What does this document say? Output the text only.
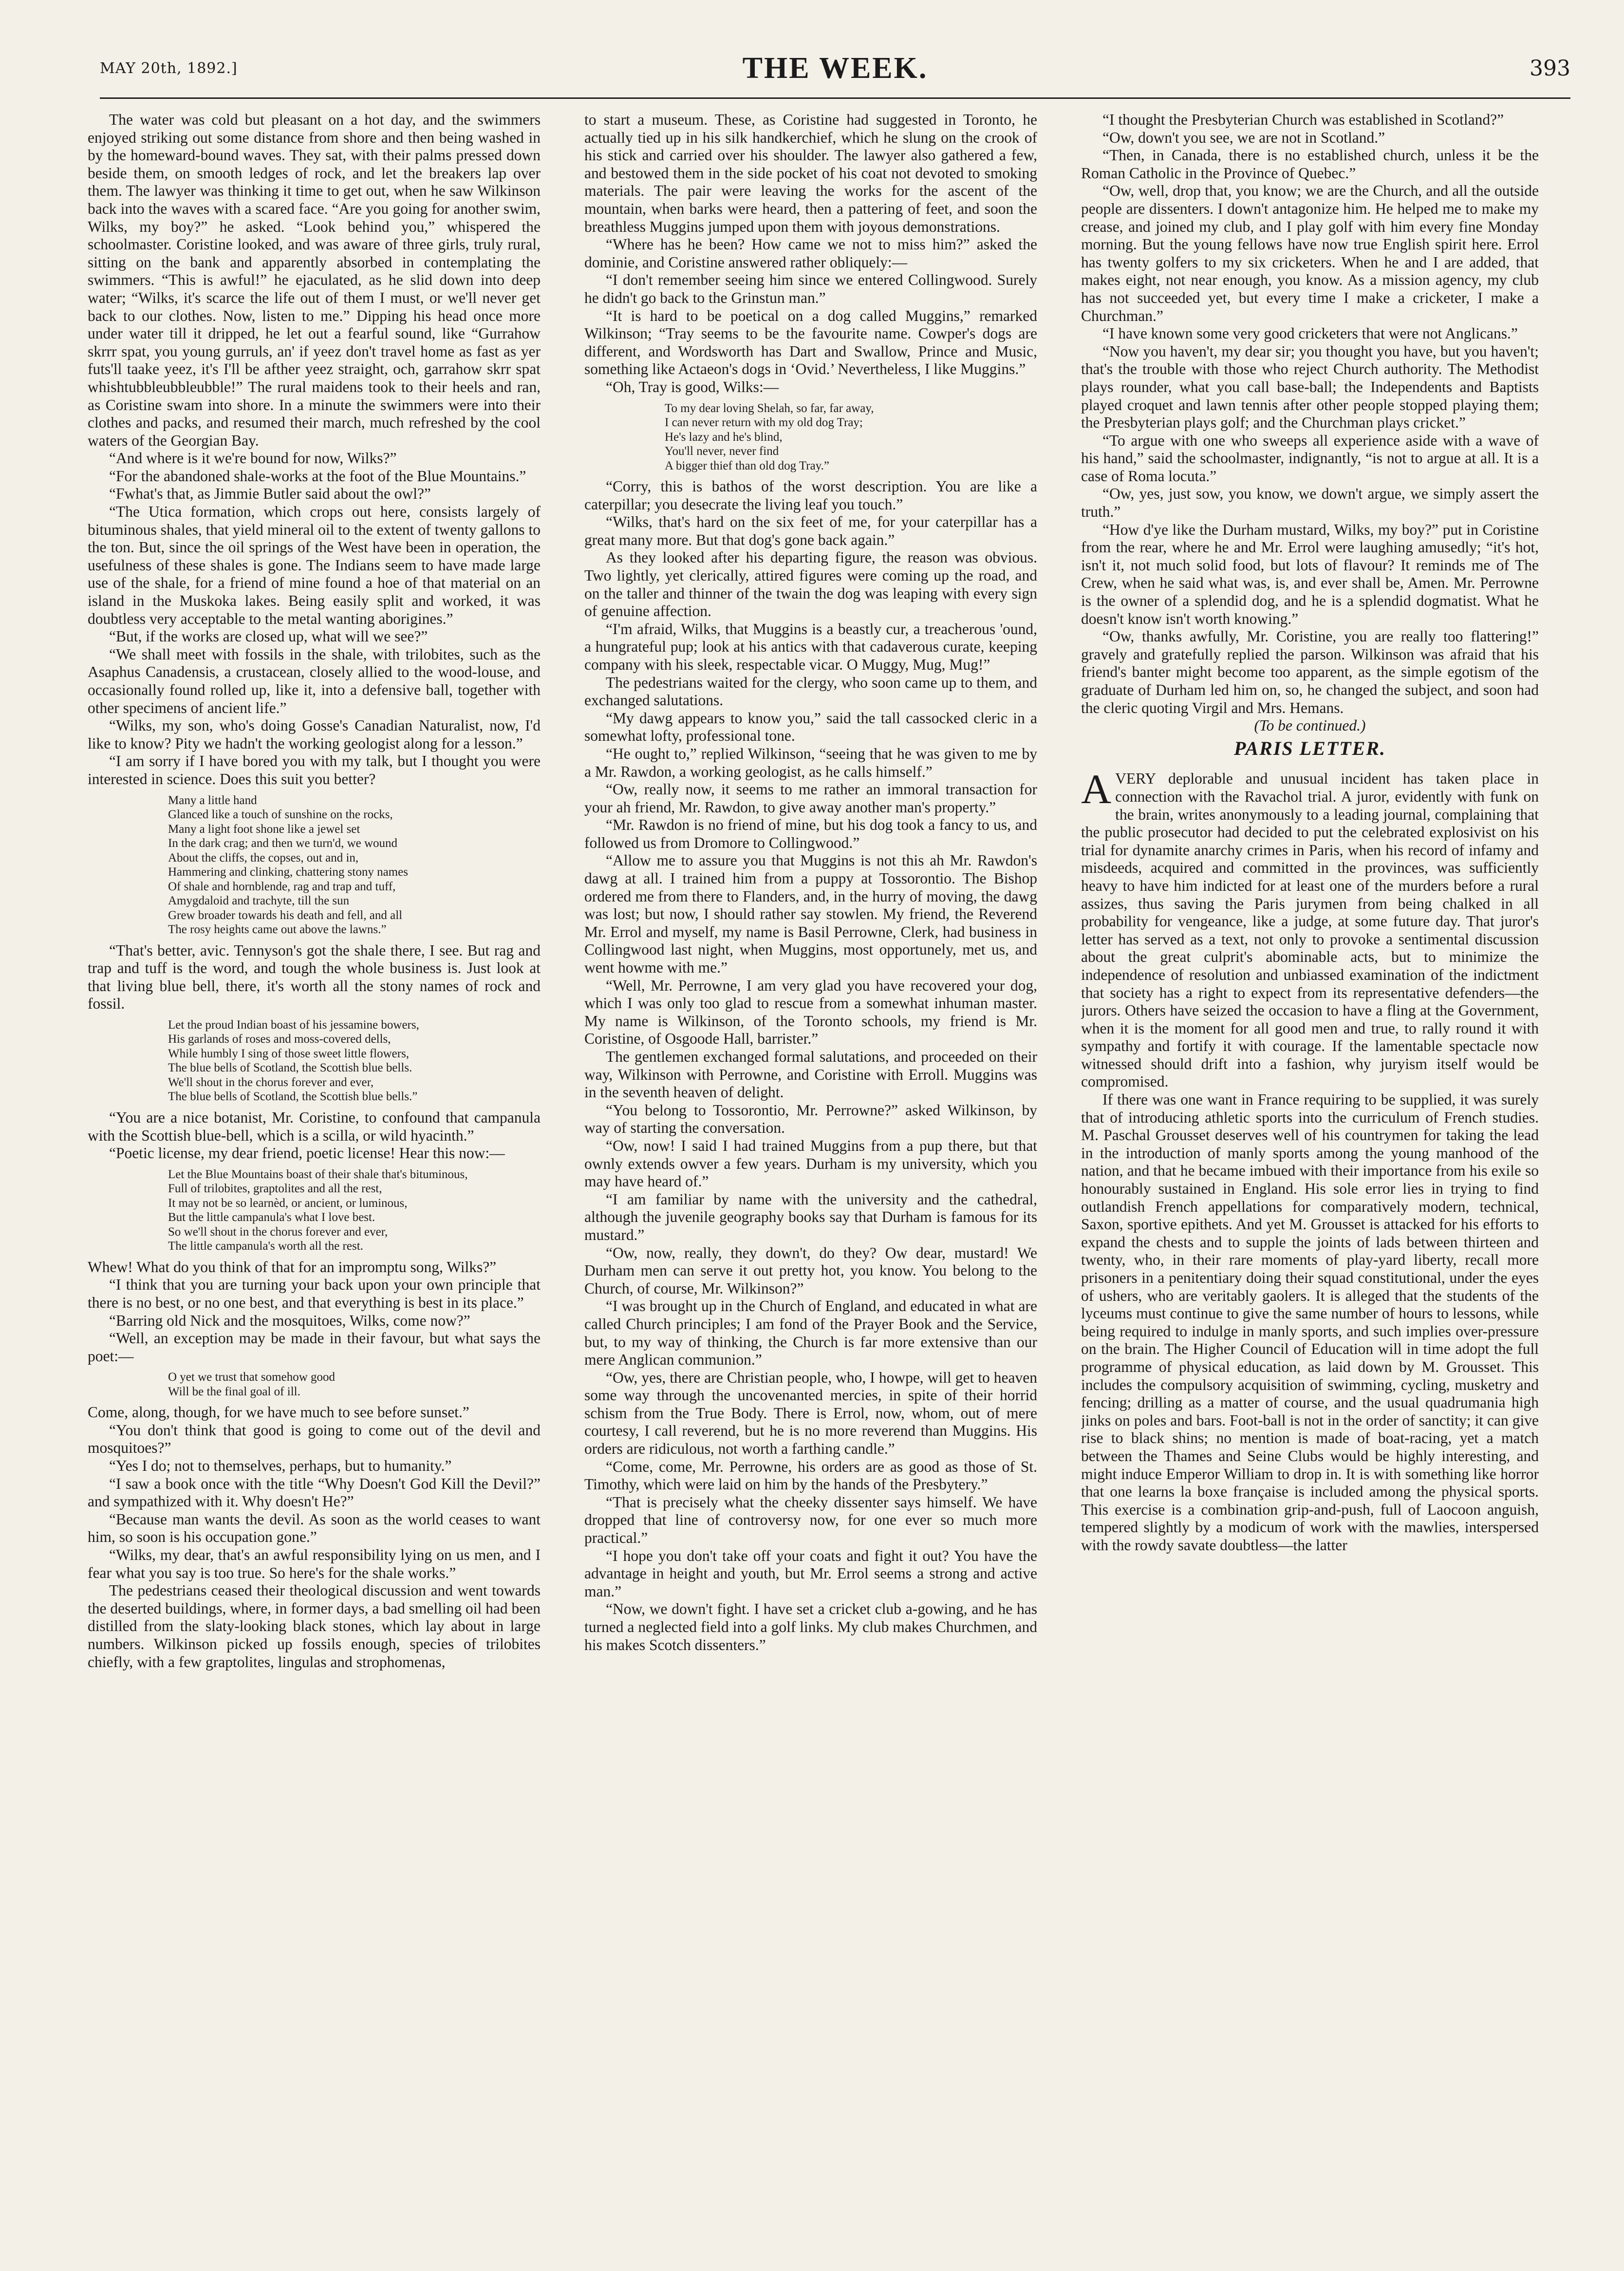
MAY 20th, 1892.]	THE WEEK.	393

The water was cold but pleasant on a hot day, and the swimmers enjoyed striking out some distance from shore and then being washed in by the homeward-bound waves. They sat, with their palms pressed down beside them, on smooth ledges of rock, and let the breakers lap over them. The lawyer was thinking it time to get out, when he saw Wilkinson back into the waves with a scared face. “Are you going for another swim, Wilks, my boy?” he asked. “Look behind you,” whispered the schoolmaster. Coristine looked, and was aware of three girls, truly rural, sitting on the bank and apparently absorbed in contemplating the swimmers. “This is awful!” he ejaculated, as he slid down into deep water; “Wilks, it's scarce the life out of them I must, or we'll never get back to our clothes. Now, listen to me.” Dipping his head once more under water till it dripped, he let out a fearful sound, like “Gurrahow skrrr spat, you young gurruls, an' if yeez don't travel home as fast as yer futs'll taake yeez, it's I'll be afther yeez straight, och, garrahow skrr spat whishtubbleubbleubble!” The rural maidens took to their heels and ran, as Coristine swam into shore. In a minute the swimmers were into their clothes and packs, and resumed their march, much refreshed by the cool waters of the Georgian Bay.

“And where is it we're bound for now, Wilks?”

“For the abandoned shale-works at the foot of the Blue Mountains.”

“Fwhat's that, as Jimmie Butler said about the owl?”

“The Utica formation, which crops out here, consists largely of bituminous shales, that yield mineral oil to the extent of twenty gallons to the ton. But, since the oil springs of the West have been in operation, the usefulness of these shales is gone. The Indians seem to have made large use of the shale, for a friend of mine found a hoe of that material on an island in the Muskoka lakes. Being easily split and worked, it was doubtless very acceptable to the metal wanting aborigines.”

“But, if the works are closed up, what will we see?”

“We shall meet with fossils in the shale, with trilobites, such as the Asaphus Canadensis, a crustacean, closely allied to the wood-louse, and occasionally found rolled up, like it, into a defensive ball, together with other specimens of ancient life.”

“Wilks, my son, who's doing Gosse's Canadian Naturalist, now, I'd like to know? Pity we hadn't the working geologist along for a lesson.”

“I am sorry if I have bored you with my talk, but I thought you were interested in science. Does this suit you better?

Many a little hand
Glanced like a touch of sunshine on the rocks,
Many a light foot shone like a jewel set
In the dark crag; and then we turn'd, we wound
About the cliffs, the copses, out and in,
Hammering and clinking, chattering stony names
Of shale and hornblende, rag and trap and tuff,
Amygdaloid and trachyte, till the sun
Grew broader towards his death and fell, and all
The rosy heights came out above the lawns.”

“That's better, avic. Tennyson's got the shale there, I see. But rag and trap and tuff is the word, and tough the whole business is. Just look at that living blue bell, there, it's worth all the stony names of rock and fossil.

Let the proud Indian boast of his jessamine bowers,
His garlands of roses and moss-covered dells,
While humbly I sing of those sweet little flowers,
The blue bells of Scotland, the Scottish blue bells.
We'll shout in the chorus forever and ever,
The blue bells of Scotland, the Scottish blue bells.”

“You are a nice botanist, Mr. Coristine, to confound that campanula with the Scottish blue-bell, which is a scilla, or wild hyacinth.”

“Poetic license, my dear friend, poetic license! Hear this now:—

Let the Blue Mountains boast of their shale that's bituminous,
Full of trilobites, graptolites and all the rest,
It may not be so learnèd, or ancient, or luminous,
But the little campanula's what I love best.
So we'll shout in the chorus forever and ever,
The little campanula's worth all the rest.

Whew! What do you think of that for an impromptu song, Wilks?”

“I think that you are turning your back upon your own principle that there is no best, or no one best, and that everything is best in its place.”

“Barring old Nick and the mosquitoes, Wilks, come now?”

“Well, an exception may be made in their favour, but what says the poet:—

O yet we trust that somehow good
Will be the final goal of ill.

Come, along, though, for we have much to see before sunset.”

“You don't think that good is going to come out of the devil and mosquitoes?”

“Yes I do; not to themselves, perhaps, but to humanity.”

“I saw a book once with the title “Why Doesn't God Kill the Devil?” and sympathized with it. Why doesn't He?”

“Because man wants the devil. As soon as the world ceases to want him, so soon is his occupation gone.”

“Wilks, my dear, that's an awful responsibility lying on us men, and I fear what you say is too true. So here's for the shale works.”

The pedestrians ceased their theological discussion and went towards the deserted buildings, where, in former days, a bad smelling oil had been distilled from the slaty-looking black stones, which lay about in large numbers. Wilkinson picked up fossils enough, species of trilobites chiefly, with a few graptolites, lingulas and strophomenas,

to start a museum. These, as Coristine had suggested in Toronto, he actually tied up in his silk handkerchief, which he slung on the crook of his stick and carried over his shoulder. The lawyer also gathered a few, and bestowed them in the side pocket of his coat not devoted to smoking materials. The pair were leaving the works for the ascent of the mountain, when barks were heard, then a pattering of feet, and soon the breathless Muggins jumped upon them with joyous demonstrations.

“Where has he been? How came we not to miss him?” asked the dominie, and Coristine answered rather obliquely:—

“I don't remember seeing him since we entered Collingwood. Surely he didn't go back to the Grinstun man.”

“It is hard to be poetical on a dog called Muggins,” remarked Wilkinson; “Tray seems to be the favourite name. Cowper's dogs are different, and Wordsworth has Dart and Swallow, Prince and Music, something like Actaeon's dogs in ‘Ovid.’ Nevertheless, I like Muggins.”

“Oh, Tray is good, Wilks:—

To my dear loving Shelah, so far, far away,
I can never return with my old dog Tray;
He's lazy and he's blind,
You'll never, never find
A bigger thief than old dog Tray.”

“Corry, this is bathos of the worst description. You are like a caterpillar; you desecrate the living leaf you touch.”

“Wilks, that's hard on the six feet of me, for your caterpillar has a great many more. But that dog's gone back again.”

As they looked after his departing figure, the reason was obvious. Two lightly, yet clerically, attired figures were coming up the road, and on the taller and thinner of the twain the dog was leaping with every sign of genuine affection.

“I'm afraid, Wilks, that Muggins is a beastly cur, a treacherous 'ound, a hungrateful pup; look at his antics with that cadaverous curate, keeping company with his sleek, respectable vicar. O Muggy, Mug, Mug!”

The pedestrians waited for the clergy, who soon came up to them, and exchanged salutations.

“My dawg appears to know you,” said the tall cassocked cleric in a somewhat lofty, professional tone.

“He ought to,” replied Wilkinson, “seeing that he was given to me by a Mr. Rawdon, a working geologist, as he calls himself.”

“Ow, really now, it seems to me rather an immoral transaction for your ah friend, Mr. Rawdon, to give away another man's property.”

“Mr. Rawdon is no friend of mine, but his dog took a fancy to us, and followed us from Dromore to Collingwood.”

“Allow me to assure you that Muggins is not this ah Mr. Rawdon's dawg at all. I trained him from a puppy at Tossorontio. The Bishop ordered me from there to Flanders, and, in the hurry of moving, the dawg was lost; but now, I should rather say stowlen. My friend, the Reverend Mr. Errol and myself, my name is Basil Perrowne, Clerk, had business in Collingwood last night, when Muggins, most opportunely, met us, and went howme with me.”

“Well, Mr. Perrowne, I am very glad you have recovered your dog, which I was only too glad to rescue from a somewhat inhuman master. My name is Wilkinson, of the Toronto schools, my friend is Mr. Coristine, of Osgoode Hall, barrister.”

The gentlemen exchanged formal salutations, and proceeded on their way, Wilkinson with Perrowne, and Coristine with Erroll. Muggins was in the seventh heaven of delight.

“You belong to Tossorontio, Mr. Perrowne?” asked Wilkinson, by way of starting the conversation.

“Ow, now! I said I had trained Muggins from a pup there, but that ownly extends owver a few years. Durham is my university, which you may have heard of.”

“I am familiar by name with the university and the cathedral, although the juvenile geography books say that Durham is famous for its mustard.”

“Ow, now, really, they down't, do they? Ow dear, mustard! We Durham men can serve it out pretty hot, you know. You belong to the Church, of course, Mr. Wilkinson?”

“I was brought up in the Church of England, and educated in what are called Church principles; I am fond of the Prayer Book and the Service, but, to my way of thinking, the Church is far more extensive than our mere Anglican communion.”

“Ow, yes, there are Christian people, who, I howpe, will get to heaven some way through the uncovenanted mercies, in spite of their horrid schism from the True Body. There is Errol, now, whom, out of mere courtesy, I call reverend, but he is no more reverend than Muggins. His orders are ridiculous, not worth a farthing candle.”

“Come, come, Mr. Perrowne, his orders are as good as those of St. Timothy, which were laid on him by the hands of the Presbytery.”

“That is precisely what the cheeky dissenter says himself. We have dropped that line of controversy now, for one ever so much more practical.”

“I hope you don't take off your coats and fight it out? You have the advantage in height and youth, but Mr. Errol seems a strong and active man.”

“Now, we down't fight. I have set a cricket club a-gowing, and he has turned a neglected field into a golf links. My club makes Churchmen, and his makes Scotch dissenters.”

“I thought the Presbyterian Church was established in Scotland?”

“Ow, down't you see, we are not in Scotland.”

“Then, in Canada, there is no established church, unless it be the Roman Catholic in the Province of Quebec.”

“Ow, well, drop that, you know; we are the Church, and all the outside people are dissenters. I down't antagonize him. He helped me to make my crease, and joined my club, and I play golf with him every fine Monday morning. But the young fellows have now true English spirit here. Errol has twenty golfers to my six cricketers. When he and I are added, that makes eight, not near enough, you know. As a mission agency, my club has not succeeded yet, but every time I make a cricketer, I make a Churchman.”

“I have known some very good cricketers that were not Anglicans.”

“Now you haven't, my dear sir; you thought you have, but you haven't; that's the trouble with those who reject Church authority. The Methodist plays rounder, what you call base-ball; the Independents and Baptists played croquet and lawn tennis after other people stopped playing them; the Presbyterian plays golf; and the Churchman plays cricket.”

“To argue with one who sweeps all experience aside with a wave of his hand,” said the schoolmaster, indignantly, “is not to argue at all. It is a case of Roma locuta.”

“Ow, yes, just sow, you know, we down't argue, we simply assert the truth.”

“How d'ye like the Durham mustard, Wilks, my boy?” put in Coristine from the rear, where he and Mr. Errol were laughing amusedly; “it's hot, isn't it, not much solid food, but lots of flavour? It reminds me of The Crew, when he said what was, is, and ever shall be, Amen. Mr. Perrowne is the owner of a splendid dog, and he is a splendid dogmatist. What he doesn't know isn't worth knowing.”

“Ow, thanks awfully, Mr. Coristine, you are really too flattering!” gravely and gratefully replied the parson. Wilkinson was afraid that his friend's banter might become too apparent, as the simple egotism of the graduate of Durham led him on, so, he changed the subject, and soon had the cleric quoting Virgil and Mrs. Hemans.

(To be continued.)

PARIS LETTER.

AVERY deplorable and unusual incident has taken place in connection with the Ravachol trial. A juror, evidently with funk on the brain, writes anonymously to a leading journal, complaining that the public prosecutor had decided to put the celebrated explosivist on his trial for dynamite anarchy crimes in Paris, when his record of infamy and misdeeds, acquired and committed in the provinces, was sufficiently heavy to have him indicted for at least one of the murders before a rural assizes, thus saving the Paris jurymen from being chalked in all probability for vengeance, like a judge, at some future day. That juror's letter has served as a text, not only to provoke a sentimental discussion about the great culprit's abominable acts, but to minimize the independence of resolution and unbiassed examination of the indictment that society has a right to expect from its representative defenders—the jurors. Others have seized the occasion to have a fling at the Government, when it is the moment for all good men and true, to rally round it with sympathy and fortify it with courage. If the lamentable spectacle now witnessed should drift into a fashion, why juryism itself would be compromised.

If there was one want in France requiring to be supplied, it was surely that of introducing athletic sports into the curriculum of French studies. M. Paschal Grousset deserves well of his countrymen for taking the lead in the introduction of manly sports among the young manhood of the nation, and that he became imbued with their importance from his exile so honourably sustained in England. His sole error lies in trying to find outlandish French appellations for comparatively modern, technical, Saxon, sportive epithets. And yet M. Grousset is attacked for his efforts to expand the chests and to supple the joints of lads between thirteen and twenty, who, in their rare moments of play-yard liberty, recall more prisoners in a penitentiary doing their squad constitutional, under the eyes of ushers, who are veritably gaolers. It is alleged that the students of the lyceums must continue to give the same number of hours to lessons, while being required to indulge in manly sports, and such implies over-pressure on the brain. The Higher Council of Education will in time adopt the full programme of physical education, as laid down by M. Grousset. This includes the compulsory acquisition of swimming, cycling, musketry and fencing; drilling as a matter of course, and the usual quadrumania high jinks on poles and bars. Foot-ball is not in the order of sanctity; it can give rise to black shins; no mention is made of boat-racing, yet a match between the Thames and Seine Clubs would be highly interesting, and might induce Emperor William to drop in. It is with something like horror that one learns la boxe française is included among the physical sports. This exercise is a combination grip-and-push, full of Laocoon anguish, tempered slightly by a modicum of work with the mawlies, interspersed with the rowdy savate doubtless—the latter
